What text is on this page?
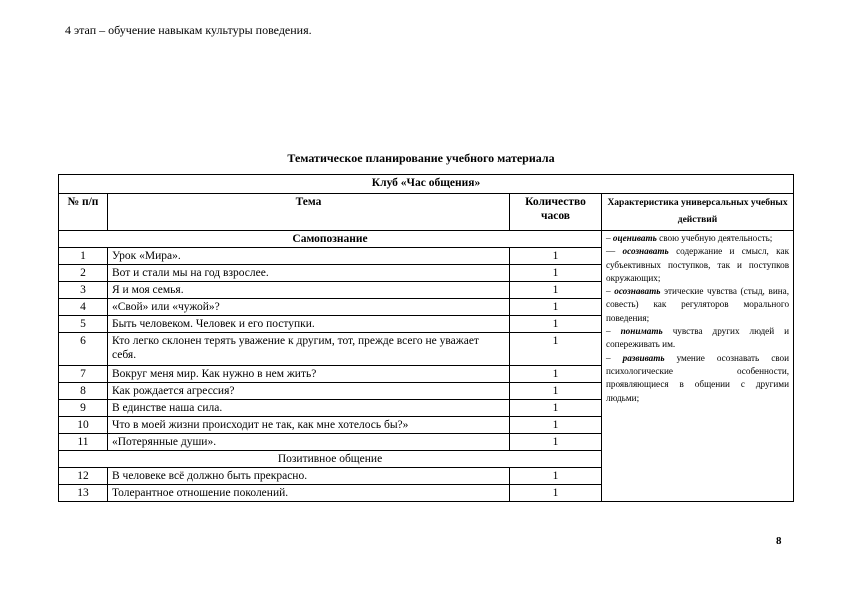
4 этап – обучение навыкам культуры поведения.
Тематическое планирование учебного материала
Клуб «Час общения»			
№ п/п	Тема	Количество часов	Характеристика универсальных учебных действий
Самопознание			– оценивать свою учебную деятельность;
— осознавать содержание и смысл, как субъективных поступков, так и поступков окружающих;
– осознавать этические чувства (стыд, вина, совесть) как регуляторов морального поведения;
– понимать чувства других людей и сопереживать им.
– развивать умение осознавать свои психологические особенности, проявляющиеся в общении с другими людьми;

1	Урок «Мира».	1	
2	Вот и стали мы на год взрослее.	1	
3	Я и моя семья.	1	
4	«Свой» или «чужой»?	1	
5	Быть человеком. Человек и его поступки.	1	
6	Кто легко склонен терять уважение к другим, тот, прежде всего не уважает себя.	1	
7	Вокруг меня мир. Как нужно в нем жить?	1	
8	Как рождается агрессия?	1	
9	В единстве наша сила.	1	
10	Что в моей жизни происходит не так, как мне хотелось бы?»	1	
11	«Потерянные души».	1	
Позитивное общение			
12	В человеке всё должно быть прекрасно.	1	
13	Толерантное отношение поколений.	1	
8
